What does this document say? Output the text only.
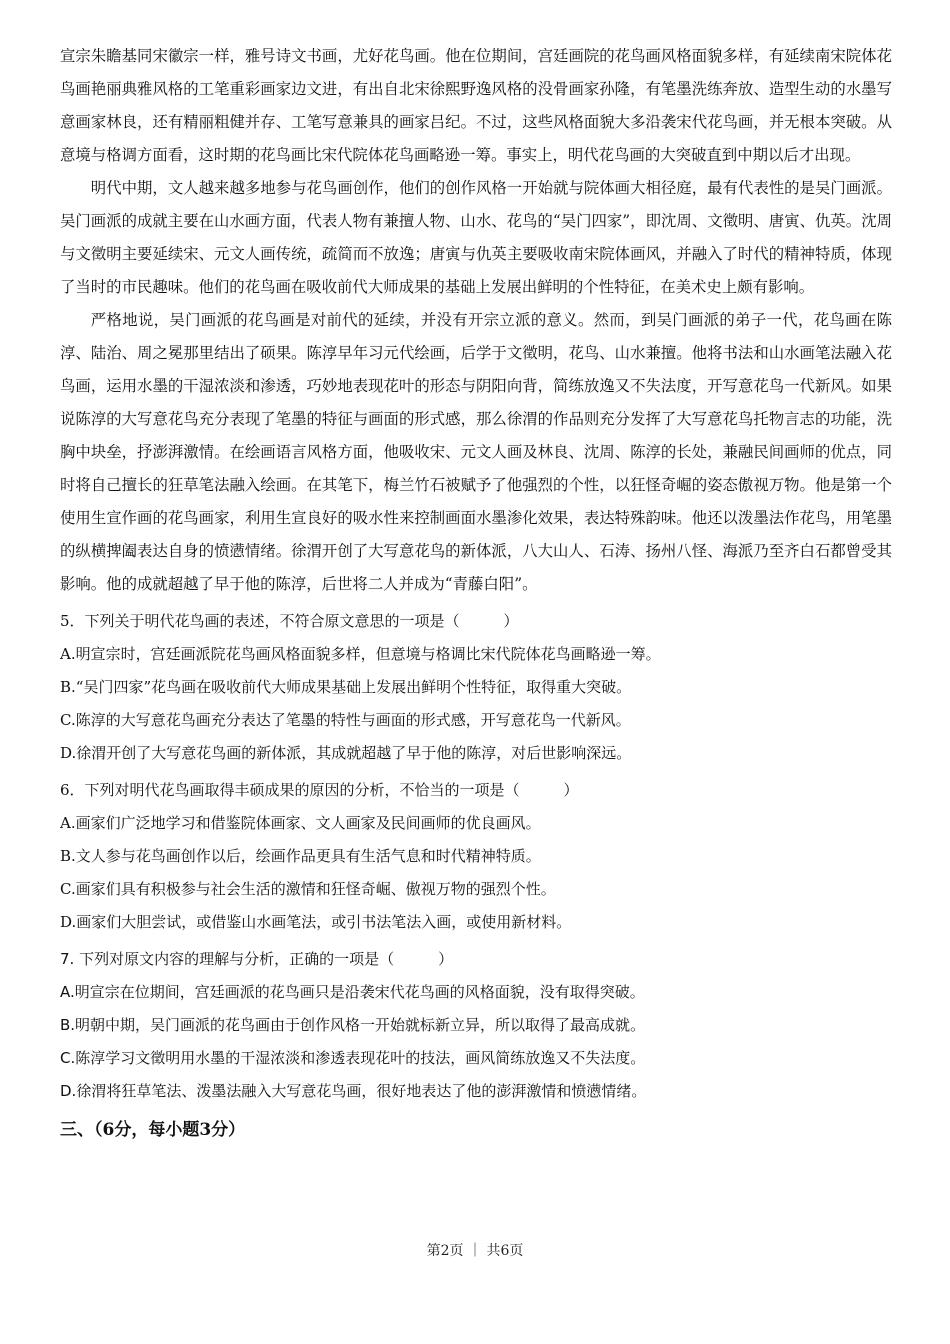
宣宗朱瞻基同宋徽宗一样，雅号诗文书画，尤好花鸟画。他在位期间，宫廷画院的花鸟画风格面貌多样，有延续南宋院体花鸟画艳丽典雅风格的工笔重彩画家边文进，有出自北宋徐熙野逸风格的没骨画家孙隆，有笔墨洗练奔放、造型生动的水墨写意画家林良，还有精丽粗健并存、工笔写意兼具的画家吕纪。不过，这些风格面貌大多沿袭宋代花鸟画，并无根本突破。从意境与格调方面看，这时期的花鸟画比宋代院体花鸟画略逊一筹。事实上，明代花鸟画的大突破直到中期以后才出现。

明代中期，文人越来越多地参与花鸟画创作，他们的创作风格一开始就与院体画大相径庭，最有代表性的是吴门画派。吴门画派的成就主要在山水画方面，代表人物有兼擅人物、山水、花鸟的“吴门四家”，即沈周、文徵明、唐寅、仇英。沈周与文徵明主要延续宋、元文人画传统，疏简而不放逸；唐寅与仇英主要吸收南宋院体画风，并融入了时代的精神特质，体现了当时的市民趣味。他们的花鸟画在吸收前代大师成果的基础上发展出鲜明的个性特征，在美术史上颇有影响。

严格地说，吴门画派的花鸟画是对前代的延续，并没有开宗立派的意义。然而，到吴门画派的弟子一代，花鸟画在陈淳、陆治、周之冕那里结出了硕果。陈淳早年习元代绘画，后学于文徵明，花鸟、山水兼擅。他将书法和山水画笔法融入花鸟画，运用水墨的干湿浓淡和渗透，巧妙地表现花叶的形态与阴阳向背，简练放逸又不失法度，开写意花鸟一代新风。如果说陈淳的大写意花鸟充分表现了笔墨的特征与画面的形式感，那么徐渭的作品则充分发挥了大写意花鸟托物言志的功能，洗胸中块垒，抒澎湃激情。在绘画语言风格方面，他吸收宋、元文人画及林良、沈周、陈淳的长处，兼融民间画师的优点，同时将自己擅长的狂草笔法融入绘画。在其笔下，梅兰竹石被赋予了他强烈的个性，以狂怪奇崛的姿态傲视万物。他是第一个使用生宣作画的花鸟画家，利用生宣良好的吸水性来控制画面水墨渗化效果，表达特殊韵味。他还以泼墨法作花鸟，用笔墨的纵横捭阖表达自身的愤懑情绪。徐渭开创了大写意花鸟的新体派，八大山人、石涛、扬州八怪、海派乃至齐白石都曾受其影响。他的成就超越了早于他的陈淳，后世将二人并成为“青藤白阳”。

5．下列关于明代花鸟画的表述，不符合原文意思的一项是（	）

A.明宣宗时，宫廷画派院花鸟画风格面貌多样，但意境与格调比宋代院体花鸟画略逊一筹。

B.“吴门四家”花鸟画在吸收前代大师成果基础上发展出鲜明个性特征，取得重大突破。

C.陈淳的大写意花鸟画充分表达了笔墨的特性与画面的形式感，开写意花鸟一代新风。

D.徐渭开创了大写意花鸟画的新体派，其成就超越了早于他的陈淳，对后世影响深远。

6．下列对明代花鸟画取得丰硕成果的原因的分析，不恰当的一项是（	）

A.画家们广泛地学习和借鉴院体画家、文人画家及民间画师的优良画风。

B.文人参与花鸟画创作以后，绘画作品更具有生活气息和时代精神特质。

C.画家们具有积极参与社会生活的激情和狂怪奇崛、傲视万物的强烈个性。

D.画家们大胆尝试，或借鉴山水画笔法，或引书法笔法入画，或使用新材料。

7. 下列对原文内容的理解与分析，正确的一项是（	）

A.明宣宗在位期间，宫廷画派的花鸟画只是沿袭宋代花鸟画的风格面貌，没有取得突破。

B.明朝中期，吴门画派的花鸟画由于创作风格一开始就标新立异，所以取得了最高成就。

C.陈淳学习文徵明用水墨的干湿浓淡和渗透表现花叶的技法，画风简练放逸又不失法度。

D.徐渭将狂草笔法、泼墨法融入大写意花鸟画，很好地表达了他的澎湃激情和愤懑情绪。

三、（6分，每小题3分）

第2页 ｜ 共6页
